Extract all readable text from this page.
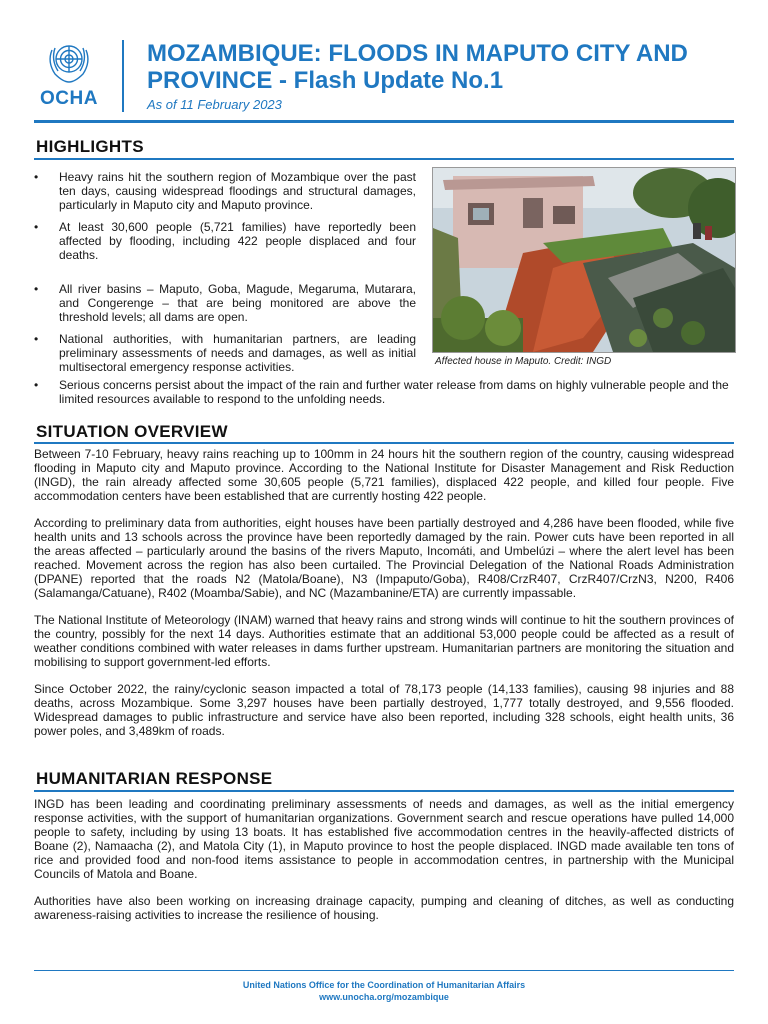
OCHA
MOZAMBIQUE: FLOODS IN MAPUTO CITY AND
PROVINCE - Flash Update No.1
As of 11 February 2023
HIGHLIGHTS
• Heavy rains hit the southern region of Mozambique over the past ten days, causing widespread floodings and structural damages, particularly in Maputo city and Maputo province.
• At least 30,600 people (5,721 families) have reportedly been affected by flooding, including 422 people displaced and four deaths.
• All river basins – Maputo, Goba, Magude, Megaruma, Mutarara, and Congerenge – that are being monitored are above the threshold levels; all dams are open.
• National authorities, with humanitarian partners, are leading preliminary assessments of needs and damages, as well as initial multisectoral emergency response activities.	Affected house in Maputo. Credit: INGD
• Serious concerns persist about the impact of the rain and further water release from dams on highly vulnerable people and the limited resources available to respond to the unfolding needs.
SITUATION OVERVIEW

Between 7-10 February, heavy rains reaching up to 100mm in 24 hours hit the southern region of the country, causing widespread flooding in Maputo city and Maputo province. According to the National Institute for Disaster Management and Risk Reduction (INGD), the rain already affected some 30,605 people (5,721 families), displaced 422 people, and killed four people. Five accommodation centers have been established that are currently hosting 422 people.

According to preliminary data from authorities, eight houses have been partially destroyed and 4,286 have been flooded, while five health units and 13 schools across the province have been reportedly damaged by the rain. Power cuts have been reported in all the areas affected – particularly around the basins of the rivers Maputo, Incomáti, and Umbelúzi – where the alert level has been reached. Movement across the region has also been curtailed. The Provincial Delegation of the National Roads Administration (DPANE) reported that the roads N2 (Matola/Boane), N3 (Impaputo/Goba), R408/CrzR407, CrzR407/CrzN3, N200, R406 (Salamanga/Catuane), R402 (Moamba/Sabie), and NC (Mazambanine/ETA) are currently impassable.

The National Institute of Meteorology (INAM) warned that heavy rains and strong winds will continue to hit the southern provinces of the country, possibly for the next 14 days. Authorities estimate that an additional 53,000 people could be affected as a result of weather conditions combined with water releases in dams further upstream. Humanitarian partners are monitoring the situation and mobilising to support government-led efforts.

Since October 2022, the rainy/cyclonic season impacted a total of 78,173 people (14,133 families), causing 98 injuries and 88 deaths, across Mozambique. Some 3,297 houses have been partially destroyed, 1,777 totally destroyed, and 9,556 flooded. Widespread damages to public infrastructure and service have also been reported, including 328 schools, eight health units, 36 power poles, and 3,489km of roads.

HUMANITARIAN RESPONSE

INGD has been leading and coordinating preliminary assessments of needs and damages, as well as the initial emergency response activities, with the support of humanitarian organizations. Government search and rescue operations have pulled 14,000 people to safety, including by using 13 boats. It has established five accommodation centres in the heavily-affected districts of Boane (2), Namaacha (2), and Matola City (1), in Maputo province to host the people displaced. INGD made available ten tons of rice and provided food and non-food items assistance to people in accommodation centres, in partnership with the Municipal Councils of Matola and Boane.

Authorities have also been working on increasing drainage capacity, pumping and cleaning of ditches, as well as conducting awareness-raising activities to increase the resilience of housing.

United Nations Office for the Coordination of Humanitarian Affairs
www.unocha.org/mozambique
